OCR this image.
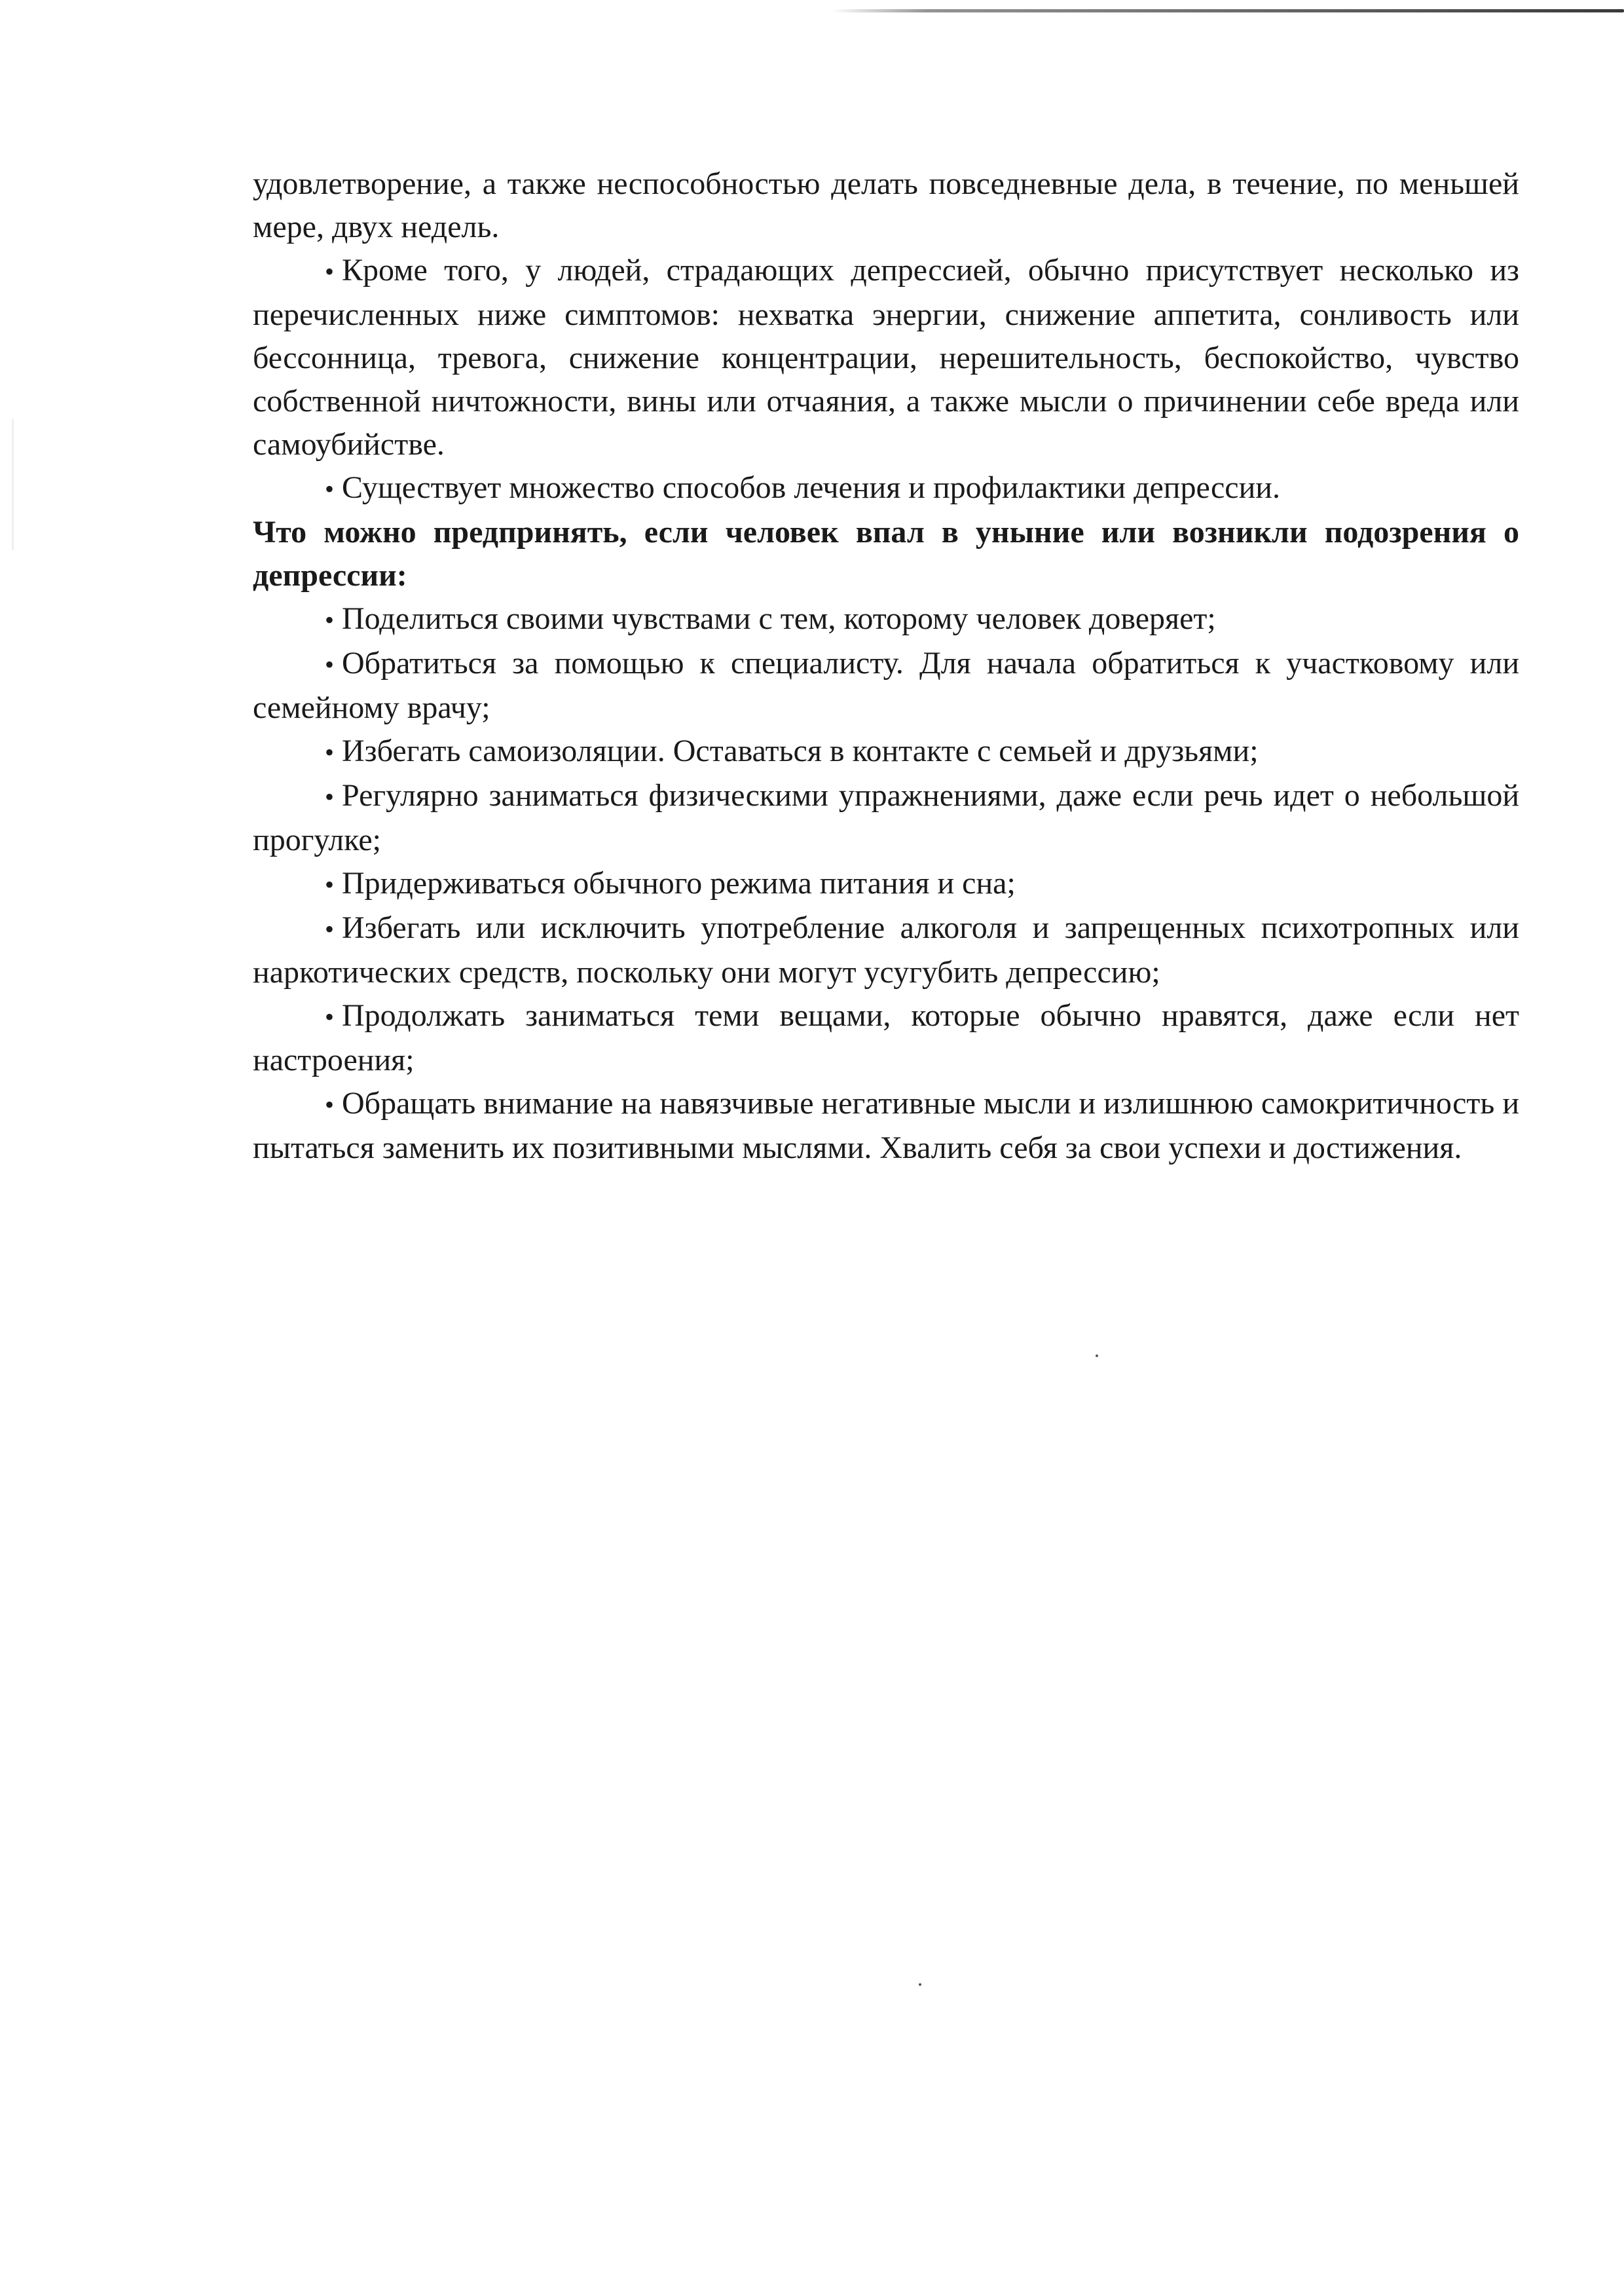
удовлетворение, а также неспособностью делать повседневные дела, в течение, по меньшей мере, двух недель.

• Кроме того, у людей, страдающих депрессией, обычно присутствует несколько из перечисленных ниже симптомов: нехватка энергии, снижение аппетита, сонливость или бессонница, тревога, снижение концентрации, нерешительность, беспокойство, чувство собственной ничтожности, вины или отчаяния, а также мысли о причинении себе вреда или самоубийстве.

• Существует множество способов лечения и профилактики депрессии.

Что можно предпринять, если человек впал в уныние или возникли подозрения о депрессии:

• Поделиться своими чувствами с тем, которому человек доверяет;

• Обратиться за помощью к специалисту. Для начала обратиться к участковому или семейному врачу;

• Избегать самоизоляции. Оставаться в контакте с семьей и друзьями;

• Регулярно заниматься физическими упражнениями, даже если речь идет о небольшой прогулке;

• Придерживаться обычного режима питания и сна;

• Избегать или исключить употребление алкоголя и запрещенных психотропных или наркотических средств, поскольку они могут усугубить депрессию;

• Продолжать заниматься теми вещами, которые обычно нравятся, даже если нет настроения;

• Обращать внимание на навязчивые негативные мысли и излишнюю самокритичность и пытаться заменить их позитивными мыслями. Хвалить себя за свои успехи и достижения.
